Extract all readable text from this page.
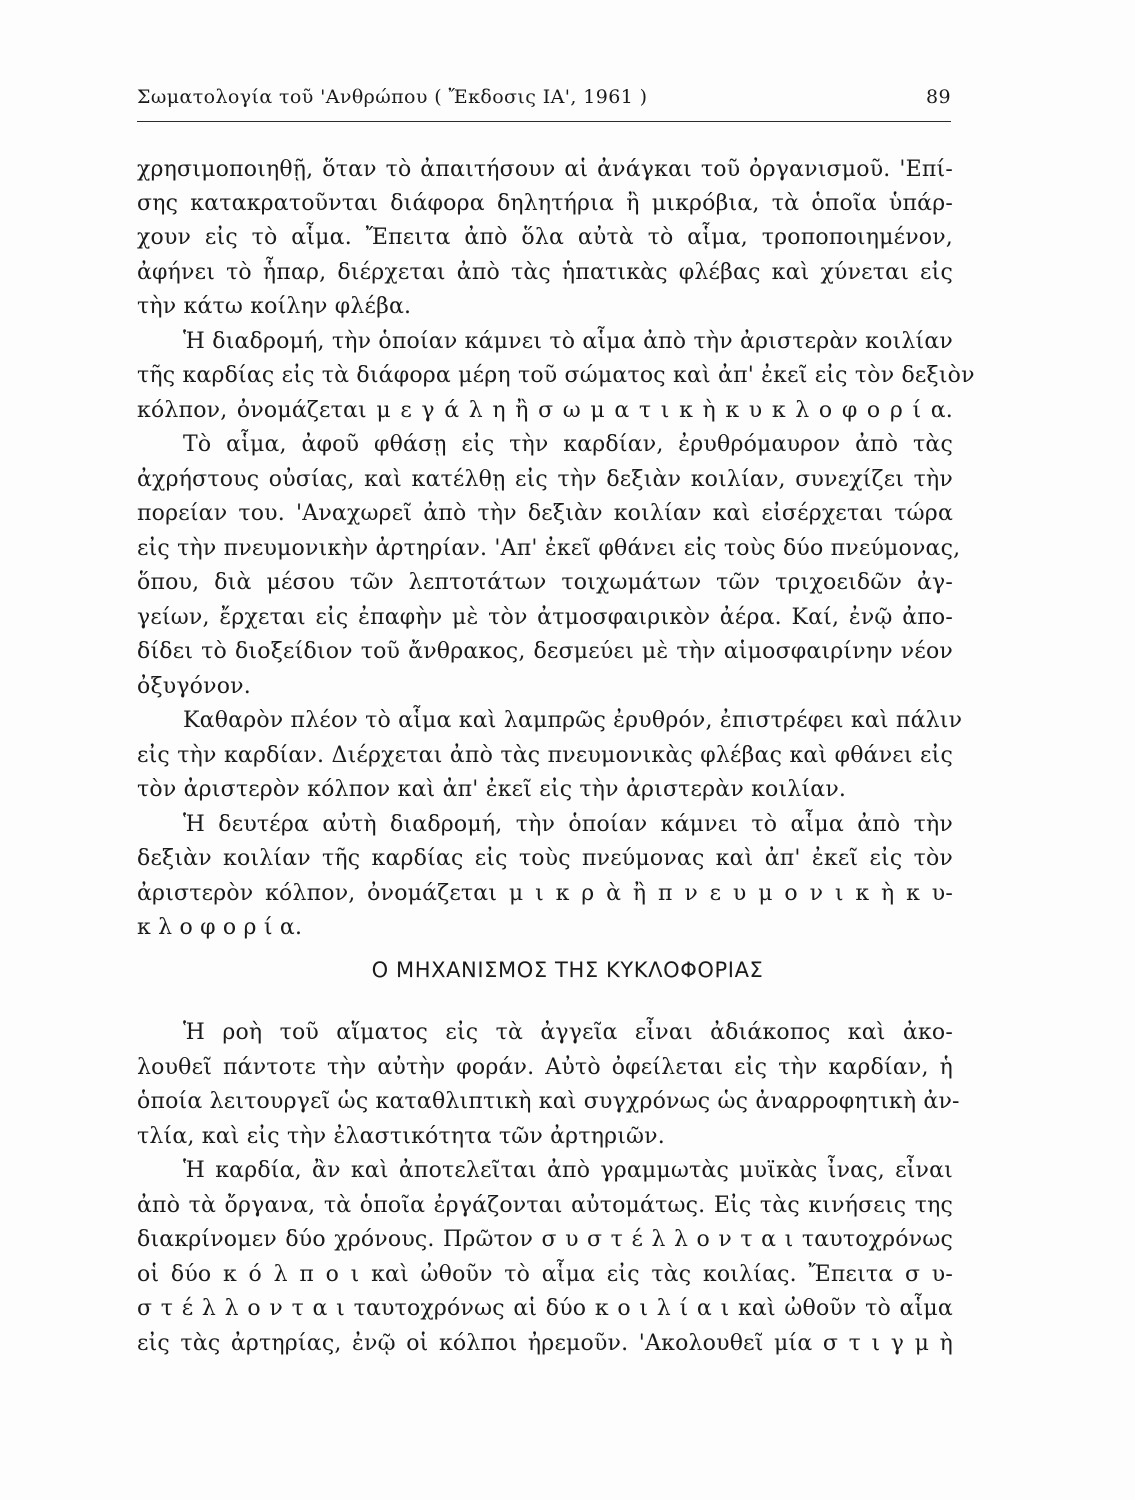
Σωματολογία τοῦ 'Ανθρώπου ( Ἔκδοσις ΙΑ', 1961 )	89
χρησιμοποιηθῇ, ὅταν τὸ ἀπαιτήσουν αἱ ἀνάγκαι τοῦ ὀργανισμοῦ. 'Επί-
σης κατακρατοῦνται διάφορα δηλητήρια ἢ μικρόβια, τὰ ὁποῖα ὑπάρ-
χουν εἰς τὸ αἷμα. Ἔπειτα ἀπὸ ὅλα αὐτὰ τὸ αἷμα, τροποποιημένον,
ἀφήνει τὸ ἧπαρ, διέρχεται ἀπὸ τὰς ἡπατικὰς φλέβας καὶ χύνεται εἰς
τὴν κάτω κοίλην φλέβα.
Ἡ διαδρομή, τὴν ὁποίαν κάμνει τὸ αἷμα ἀπὸ τὴν ἀριστερὰν κοιλίαν
τῆς καρδίας εἰς τὰ διάφορα μέρη τοῦ σώματος καὶ ἀπ' ἐκεῖ εἰς τὸν δεξιὸν
κόλπον, ὀνομάζεται μ ε γ ά λ η ἢ σ ω μ α τ ι κ ὴ κ υ κ λ ο φ ο ρ ί α.
Τὸ αἷμα, ἀφοῦ φθάσῃ εἰς τὴν καρδίαν, ἐρυθρόμαυρον ἀπὸ τὰς
ἀχρήστους οὐσίας, καὶ κατέλθῃ εἰς τὴν δεξιὰν κοιλίαν, συνεχίζει τὴν
πορείαν του. 'Αναχωρεῖ ἀπὸ τὴν δεξιὰν κοιλίαν καὶ εἰσέρχεται τώρα
εἰς τὴν πνευμονικὴν ἀρτηρίαν. 'Απ' ἐκεῖ φθάνει εἰς τοὺς δύο πνεύμονας,
ὅπου, διὰ μέσου τῶν λεπτοτάτων τοιχωμάτων τῶν τριχοειδῶν ἀγ-
γείων, ἔρχεται εἰς ἐπαφὴν μὲ τὸν ἀτμοσφαιρικὸν ἀέρα. Καί, ἐνῷ ἀπο-
δίδει τὸ διοξείδιον τοῦ ἄνθρακος, δεσμεύει μὲ τὴν αἱμοσφαιρίνην νέον
ὀξυγόνον.
Καθαρὸν πλέον τὸ αἷμα καὶ λαμπρῶς ἐρυθρόν, ἐπιστρέφει καὶ πάλιν
εἰς τὴν καρδίαν. Διέρχεται ἀπὸ τὰς πνευμονικὰς φλέβας καὶ φθάνει εἰς
τὸν ἀριστερὸν κόλπον καὶ ἀπ' ἐκεῖ εἰς τὴν ἀριστερὰν κοιλίαν.
Ἡ δευτέρα αὐτὴ διαδρομή, τὴν ὁποίαν κάμνει τὸ αἷμα ἀπὸ τὴν
δεξιὰν κοιλίαν τῆς καρδίας εἰς τοὺς πνεύμονας καὶ ἀπ' ἐκεῖ εἰς τὸν
ἀριστερὸν κόλπον, ὀνομάζεται μ ι κ ρ ὰ ἢ π ν ε υ μ ο ν ι κ ὴ κ υ-
κ λ ο φ ο ρ ί α.
Ο ΜΗΧΑΝΙΣΜΟΣ ΤΗΣ ΚΥΚΛΟΦΟΡΙΑΣ
Ἡ ροὴ τοῦ αἵματος εἰς τὰ ἀγγεῖα εἶναι ἀδιάκοπος καὶ ἀκο-
λουθεῖ πάντοτε τὴν αὐτὴν φοράν. Αὐτὸ ὀφείλεται εἰς τὴν καρδίαν, ἡ
ὁποία λειτουργεῖ ὡς καταθλιπτικὴ καὶ συγχρόνως ὡς ἀναρροφητικὴ ἀν-
τλία, καὶ εἰς τὴν ἐλαστικότητα τῶν ἀρτηριῶν.
Ἡ καρδία, ἂν καὶ ἀποτελεῖται ἀπὸ γραμμωτὰς μυϊκὰς ἶνας, εἶναι
ἀπὸ τὰ ὄργανα, τὰ ὁποῖα ἐργάζονται αὐτομάτως. Εἰς τὰς κινήσεις της
διακρίνομεν δύο χρόνους. Πρῶτον σ υ σ τ έ λ λ ο ν τ α ι ταυτοχρόνως
οἱ δύο κ ό λ π ο ι καὶ ὠθοῦν τὸ αἷμα εἰς τὰς κοιλίας. Ἔπειτα σ υ-
σ τ έ λ λ ο ν τ α ι ταυτοχρόνως αἱ δύο κ ο ι λ ί α ι καὶ ὠθοῦν τὸ αἷμα
εἰς τὰς ἀρτηρίας, ἐνῷ οἱ κόλποι ἠρεμοῦν. 'Ακολουθεῖ μία σ τ ι γ μ ὴ
